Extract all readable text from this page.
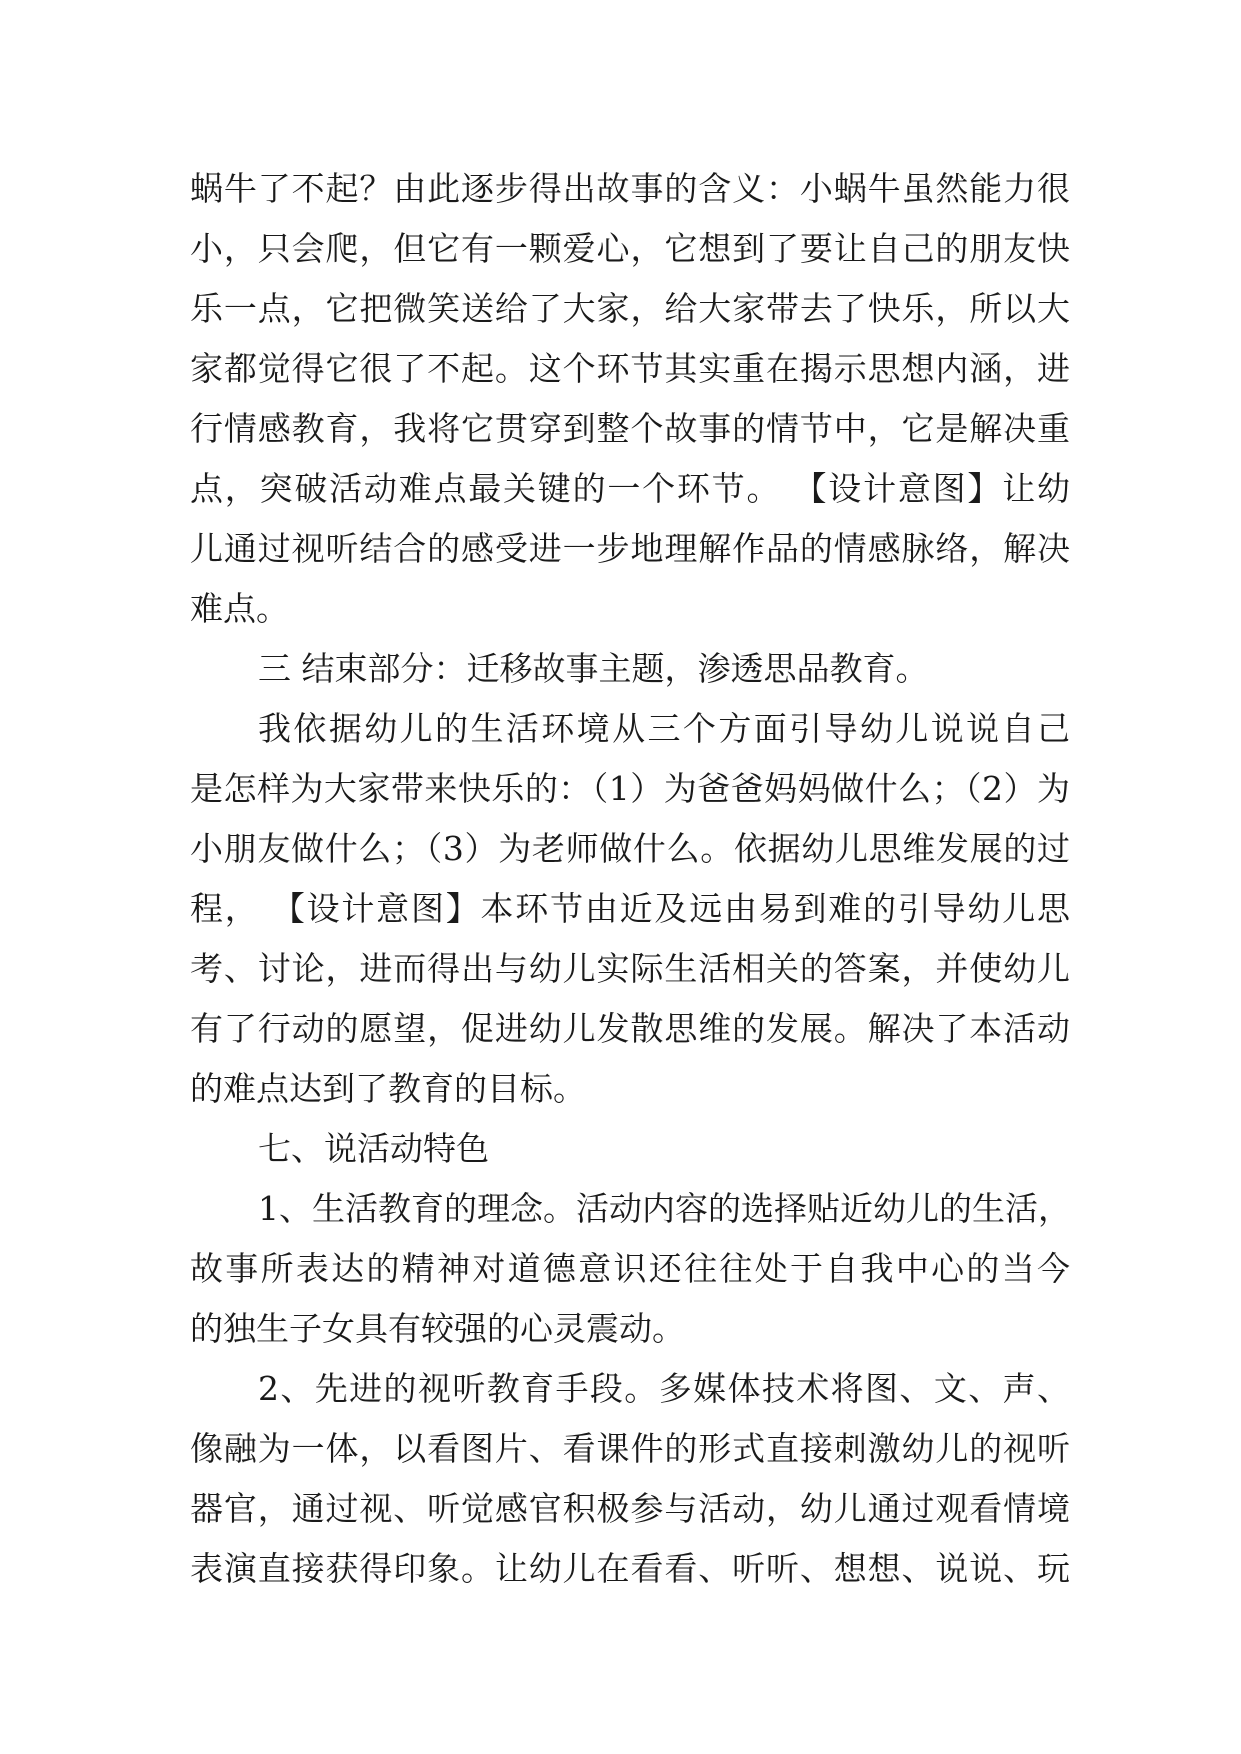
蜗牛了不起？由此逐步得出故事的含义：小蜗牛虽然能力很
小，只会爬，但它有一颗爱心，它想到了要让自己的朋友快
乐一点，它把微笑送给了大家，给大家带去了快乐，所以大
家都觉得它很了不起。这个环节其实重在揭示思想内涵，进
行情感教育，我将它贯穿到整个故事的情节中，它是解决重
点，突破活动难点最关键的一个环节。 【设计意图】让幼
儿通过视听结合的感受进一步地理解作品的情感脉络，解决
难点。
三 结束部分：迁移故事主题，渗透思品教育。
我依据幼儿的生活环境从三个方面引导幼儿说说自己
是怎样为大家带来快乐的：（1）为爸爸妈妈做什么；（2）为
小朋友做什么；（3）为老师做什么。依据幼儿思维发展的过
程， 【设计意图】本环节由近及远由易到难的引导幼儿思
考、讨论，进而得出与幼儿实际生活相关的答案，并使幼儿
有了行动的愿望，促进幼儿发散思维的发展。解决了本活动
的难点达到了教育的目标。
七、说活动特色
1、生活教育的理念。活动内容的选择贴近幼儿的生活，
故事所表达的精神对道德意识还往往处于自我中心的当今
的独生子女具有较强的心灵震动。
2、先进的视听教育手段。多媒体技术将图、文、声、
像融为一体，以看图片、看课件的形式直接刺激幼儿的视听
器官，通过视、听觉感官积极参与活动，幼儿通过观看情境
表演直接获得印象。让幼儿在看看、听听、想想、说说、玩
